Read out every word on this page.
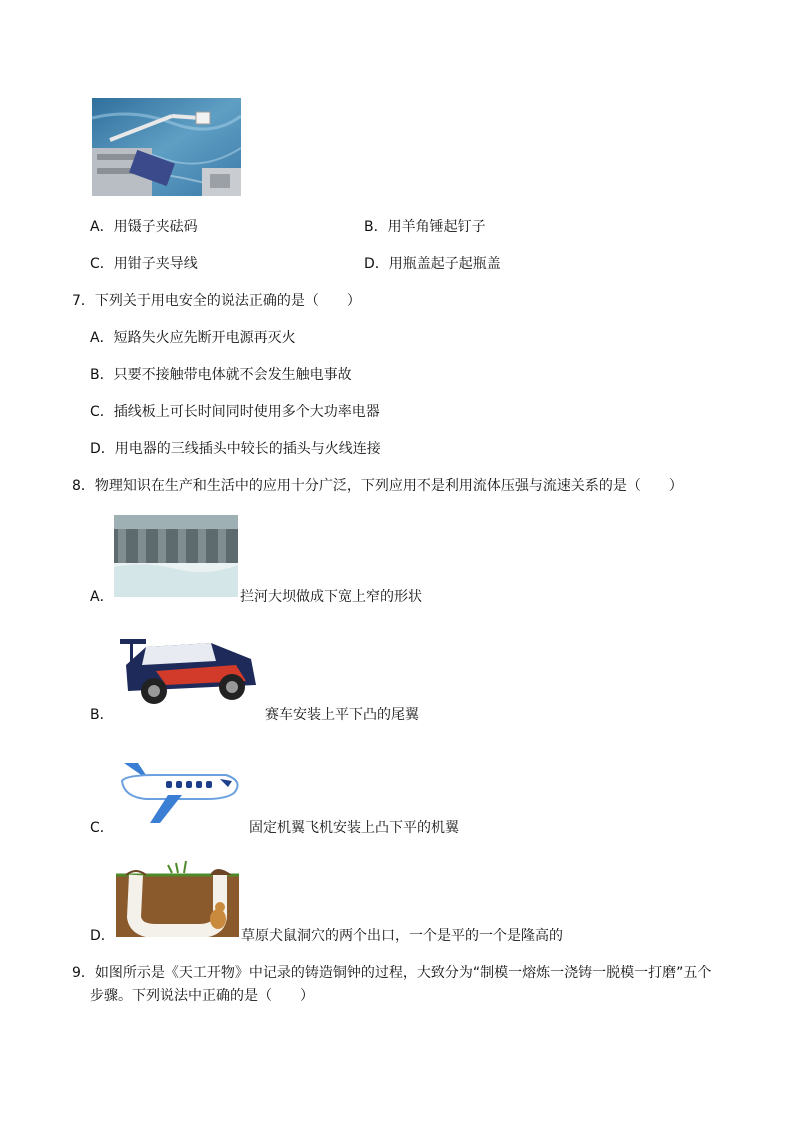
A．用镊子夹砝码	B．用羊角锤起钉子
C．用钳子夹导线	D．用瓶盖起子起瓶盖
7．下列关于用电安全的说法正确的是（　　）
A．短路失火应先断开电源再灭火
B．只要不接触带电体就不会发生触电事故
C．插线板上可长时间同时使用多个大功率电器
D．用电器的三线插头中较长的插头与火线连接
8．物理知识在生产和生活中的应用十分广泛，下列应用不是利用流体压强与流速关系的是（　　）
A．	拦河大坝做成下宽上窄的形状
B．	赛车安装上平下凸的尾翼
C．	固定机翼飞机安装上凸下平的机翼
D．	草原犬鼠洞穴的两个出口，一个是平的一个是隆高的
9．如图所示是《天工开物》中记录的铸造铜钟的过程，大致分为“制模一熔炼一浇铸一脱模一打磨”五个
步骤。下列说法中正确的是（　　）
